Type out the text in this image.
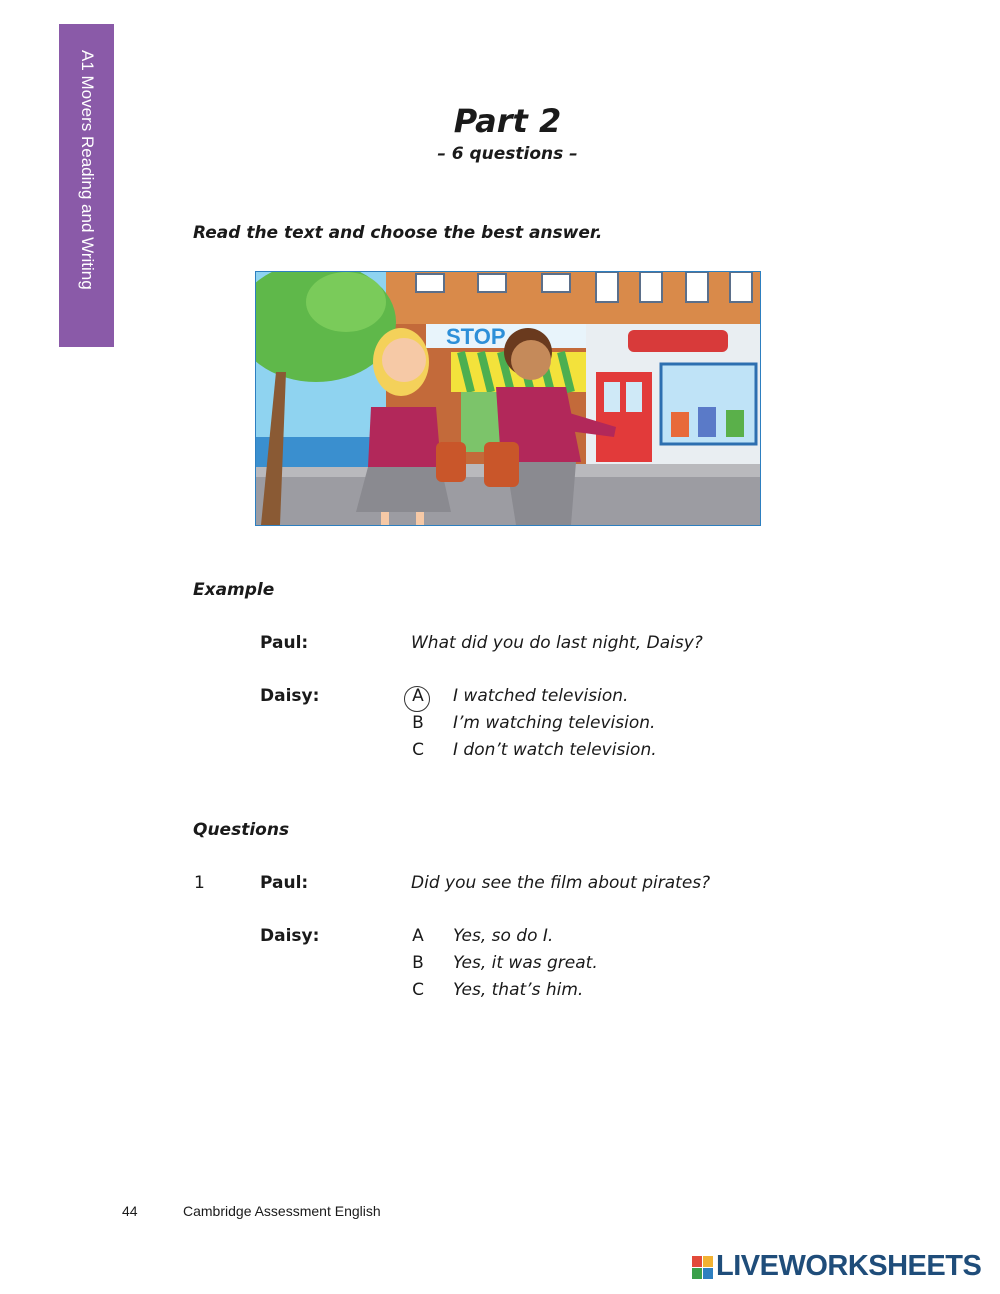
A1 Movers Reading and Writing
Part 2
– 6 questions –
Read the text and choose the best answer.
STOP
Example
Paul:	What did you do last night, Daisy?
Daisy:	A I watched television.
B I’m watching television.
C I don’t watch television.
Questions
1	Paul:	Did you see the film about pirates?
Daisy:	A Yes, so do I.
B Yes, it was great.
C Yes, that’s him.
44	Cambridge Assessment English
LIVEWORKSHEETS
